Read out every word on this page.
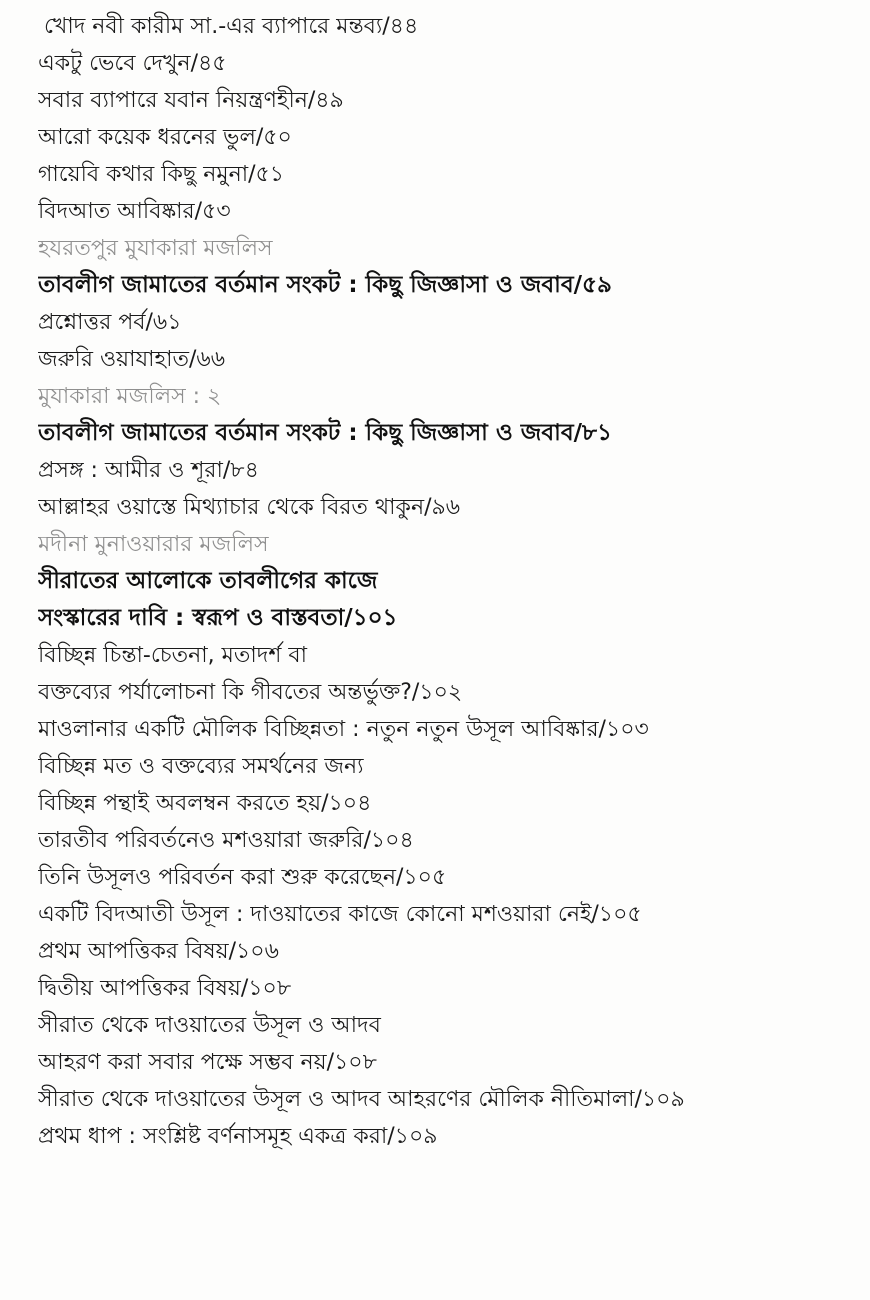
খোদ নবী কারীম সা.-এর ব্যাপারে মন্তব্য/৪৪
একটু ভেবে দেখুন/৪৫
সবার ব্যাপারে যবান নিয়ন্ত্রণহীন/৪৯
আরো কয়েক ধরনের ভুল/৫০
গায়েবি কথার কিছু নমুনা/৫১
বিদআত আবিষ্কার/৫৩
হযরতপুর মুযাকারা মজলিস
তাবলীগ জামাতের বর্তমান সংকট : কিছু জিজ্ঞাসা ও জবাব/৫৯
প্রশ্নোত্তর পর্ব/৬১
জরুরি ওয়াযাহাত/৬৬
মুযাকারা মজলিস : ২
তাবলীগ জামাতের বর্তমান সংকট : কিছু জিজ্ঞাসা ও জবাব/৮১
প্রসঙ্গ : আমীর ও শূরা/৮৪
আল্লাহর ওয়াস্তে মিথ্যাচার থেকে বিরত থাকুন/৯৬
মদীনা মুনাওয়ারার মজলিস
সীরাতের আলোকে তাবলীগের কাজে
সংস্কারের দাবি : স্বরূপ ও বাস্তবতা/১০১
বিচ্ছিন্ন চিন্তা-চেতনা, মতাদর্শ বা
বক্তব্যের পর্যালোচনা কি গীবতের অন্তর্ভুক্ত?/১০২
মাওলানার একটি মৌলিক বিচ্ছিন্নতা : নতুন নতুন উসূল আবিষ্কার/১০৩
বিচ্ছিন্ন মত ও বক্তব্যের সমর্থনের জন্য
বিচ্ছিন্ন পন্থাই অবলম্বন করতে হয়/১০৪
তারতীব পরিবর্তনেও মশওয়ারা জরুরি/১০৪
তিনি উসূলও পরিবর্তন করা শুরু করেছেন/১০৫
একটি বিদআতী উসূল : দাওয়াতের কাজে কোনো মশওয়ারা নেই/১০৫
প্রথম আপত্তিকর বিষয়/১০৬
দ্বিতীয় আপত্তিকর বিষয়/১০৮
সীরাত থেকে দাওয়াতের উসূল ও আদব
আহরণ করা সবার পক্ষে সম্ভব নয়/১০৮
সীরাত থেকে দাওয়াতের উসূল ও আদব আহরণের মৌলিক নীতিমালা/১০৯
প্রথম ধাপ : সংশ্লিষ্ট বর্ণনাসমূহ একত্র করা/১০৯
